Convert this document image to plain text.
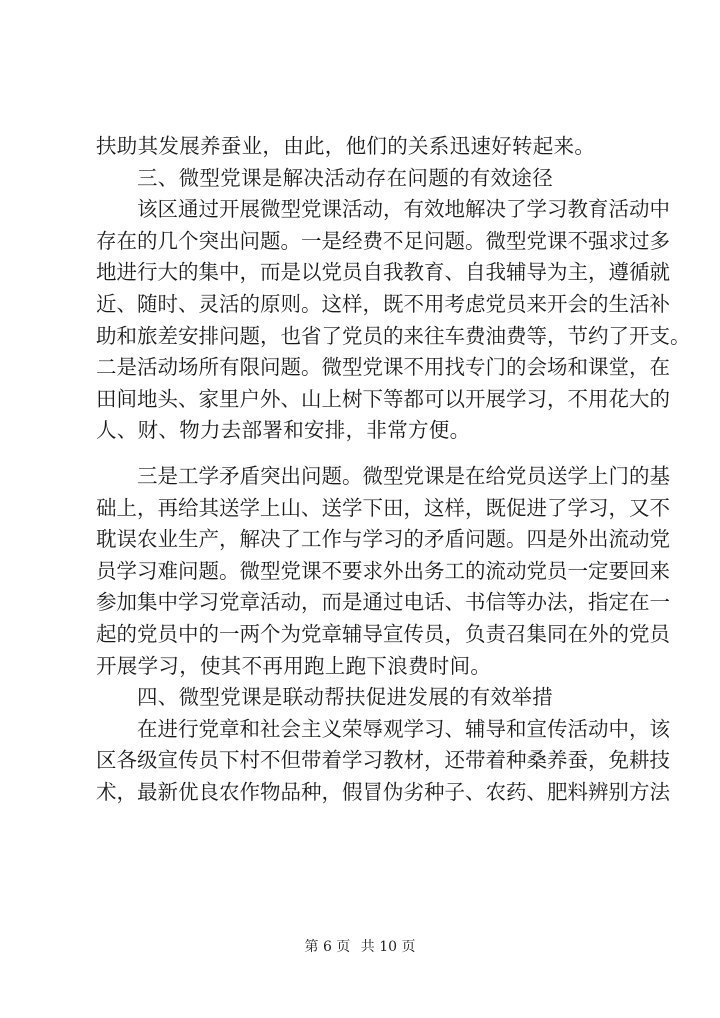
扶助其发展养蚕业，由此，他们的关系迅速好转起来。
三、微型党课是解决活动存在问题的有效途径
该区通过开展微型党课活动，有效地解决了学习教育活动中
存在的几个突出问题。一是经费不足问题。微型党课不强求过多
地进行大的集中，而是以党员自我教育、自我辅导为主，遵循就
近、随时、灵活的原则。这样，既不用考虑党员来开会的生活补
助和旅差安排问题，也省了党员的来往车费油费等，节约了开支。
二是活动场所有限问题。微型党课不用找专门的会场和课堂，在
田间地头、家里户外、山上树下等都可以开展学习，不用花大的
人、财、物力去部署和安排，非常方便。
三是工学矛盾突出问题。微型党课是在给党员送学上门的基
础上，再给其送学上山、送学下田，这样，既促进了学习，又不
耽误农业生产，解决了工作与学习的矛盾问题。四是外出流动党
员学习难问题。微型党课不要求外出务工的流动党员一定要回来
参加集中学习党章活动，而是通过电话、书信等办法，指定在一
起的党员中的一两个为党章辅导宣传员，负责召集同在外的党员
开展学习，使其不再用跑上跑下浪费时间。
四、微型党课是联动帮扶促进发展的有效举措
在进行党章和社会主义荣辱观学习、辅导和宣传活动中，该
区各级宣传员下村不但带着学习教材，还带着种桑养蚕，免耕技
术，最新优良农作物品种，假冒伪劣种子、农药、肥料辨别方法
第 6 页 共 10 页
